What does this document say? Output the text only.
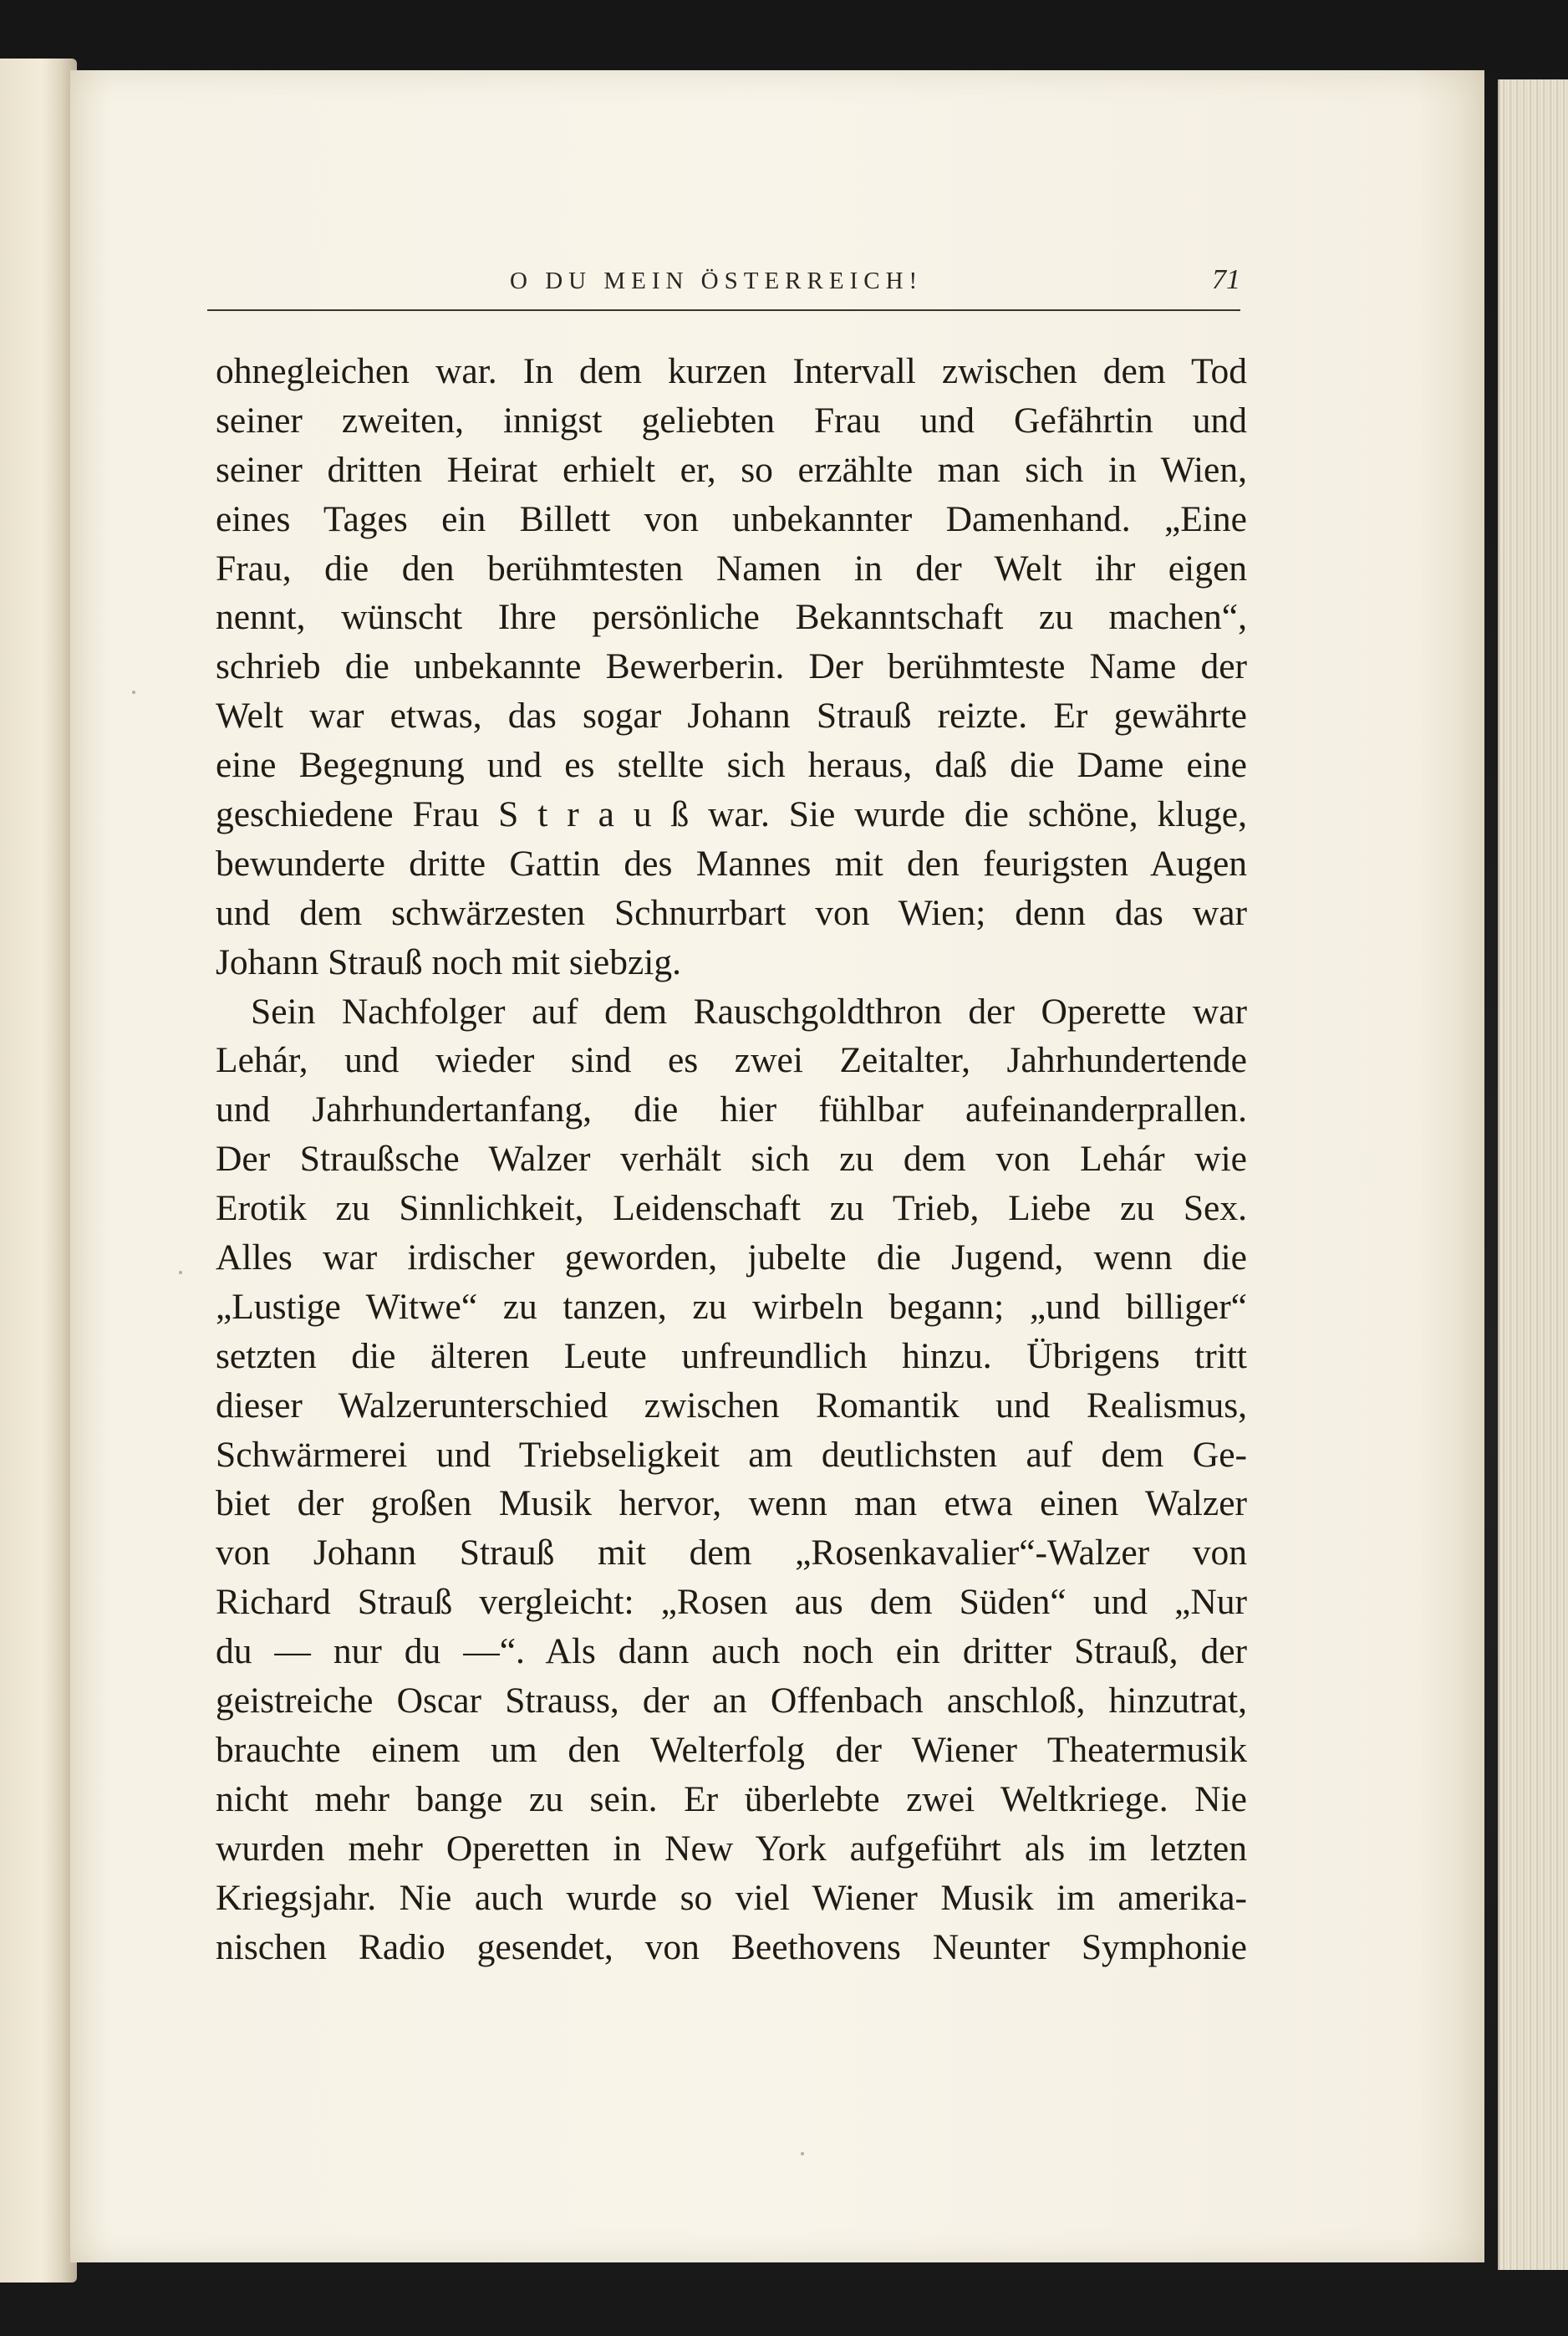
O DU MEIN ÖSTERREICH!	71
ohnegleichen war. In dem kurzen Intervall zwischen dem Tod
seiner zweiten, innigst geliebten Frau und Gefährtin und
seiner dritten Heirat erhielt er, so erzählte man sich in Wien,
eines Tages ein Billett von unbekannter Damenhand. „Eine
Frau, die den berühmtesten Namen in der Welt ihr eigen
nennt, wünscht Ihre persönliche Bekanntschaft zu machen“,
schrieb die unbekannte Bewerberin. Der berühmteste Name der
Welt war etwas, das sogar Johann Strauß reizte. Er gewährte
eine Begegnung und es stellte sich heraus, daß die Dame eine
geschiedene Frau S t r a u ß war. Sie wurde die schöne, kluge,
bewunderte dritte Gattin des Mannes mit den feurigsten Augen
und dem schwärzesten Schnurrbart von Wien; denn das war
Johann Strauß noch mit siebzig.
Sein Nachfolger auf dem Rauschgoldthron der Operette war
Lehár, und wieder sind es zwei Zeitalter, Jahrhundertende
und Jahrhundertanfang, die hier fühlbar aufeinanderprallen.
Der Straußsche Walzer verhält sich zu dem von Lehár wie
Erotik zu Sinnlichkeit, Leidenschaft zu Trieb, Liebe zu Sex.
Alles war irdischer geworden, jubelte die Jugend, wenn die
„Lustige Witwe“ zu tanzen, zu wirbeln begann; „und billiger“
setzten die älteren Leute unfreundlich hinzu. Übrigens tritt
dieser Walzerunterschied zwischen Romantik und Realismus,
Schwärmerei und Triebseligkeit am deutlichsten auf dem Ge-
biet der großen Musik hervor, wenn man etwa einen Walzer
von Johann Strauß mit dem „Rosenkavalier“-Walzer von
Richard Strauß vergleicht: „Rosen aus dem Süden“ und „Nur
du — nur du —“. Als dann auch noch ein dritter Strauß, der
geistreiche Oscar Strauss, der an Offenbach anschloß, hinzutrat,
brauchte einem um den Welterfolg der Wiener Theatermusik
nicht mehr bange zu sein. Er überlebte zwei Weltkriege. Nie
wurden mehr Operetten in New York aufgeführt als im letzten
Kriegsjahr. Nie auch wurde so viel Wiener Musik im amerika-
nischen Radio gesendet, von Beethovens Neunter Symphonie
